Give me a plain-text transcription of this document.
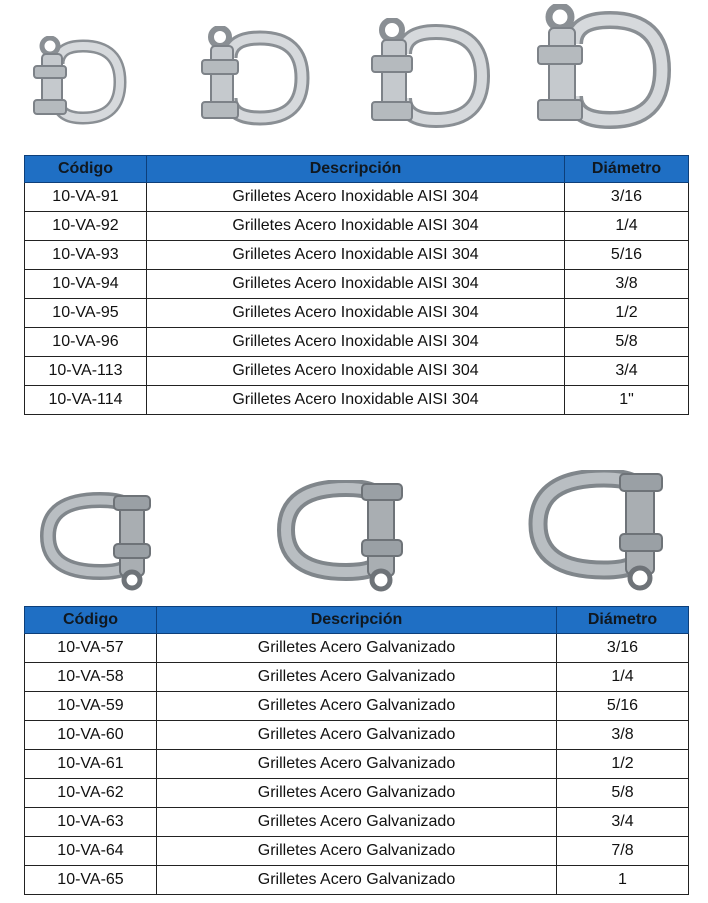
Código	Descripción	Diámetro
10-VA-91	Grilletes Acero Inoxidable AISI 304	3/16
10-VA-92	Grilletes Acero Inoxidable AISI 304	1/4
10-VA-93	Grilletes Acero Inoxidable AISI 304	5/16
10-VA-94	Grilletes Acero Inoxidable AISI 304	3/8
10-VA-95	Grilletes Acero Inoxidable AISI 304	1/2
10-VA-96	Grilletes Acero Inoxidable AISI 304	5/8
10-VA-113	Grilletes Acero Inoxidable AISI 304	3/4
10-VA-114	Grilletes Acero Inoxidable AISI 304	1"
Código	Descripción	Diámetro
10-VA-57	Grilletes Acero Galvanizado	3/16
10-VA-58	Grilletes Acero Galvanizado	1/4
10-VA-59	Grilletes Acero Galvanizado	5/16
10-VA-60	Grilletes Acero Galvanizado	3/8
10-VA-61	Grilletes Acero Galvanizado	1/2
10-VA-62	Grilletes Acero Galvanizado	5/8
10-VA-63	Grilletes Acero Galvanizado	3/4
10-VA-64	Grilletes Acero Galvanizado	7/8
10-VA-65	Grilletes Acero Galvanizado	1
